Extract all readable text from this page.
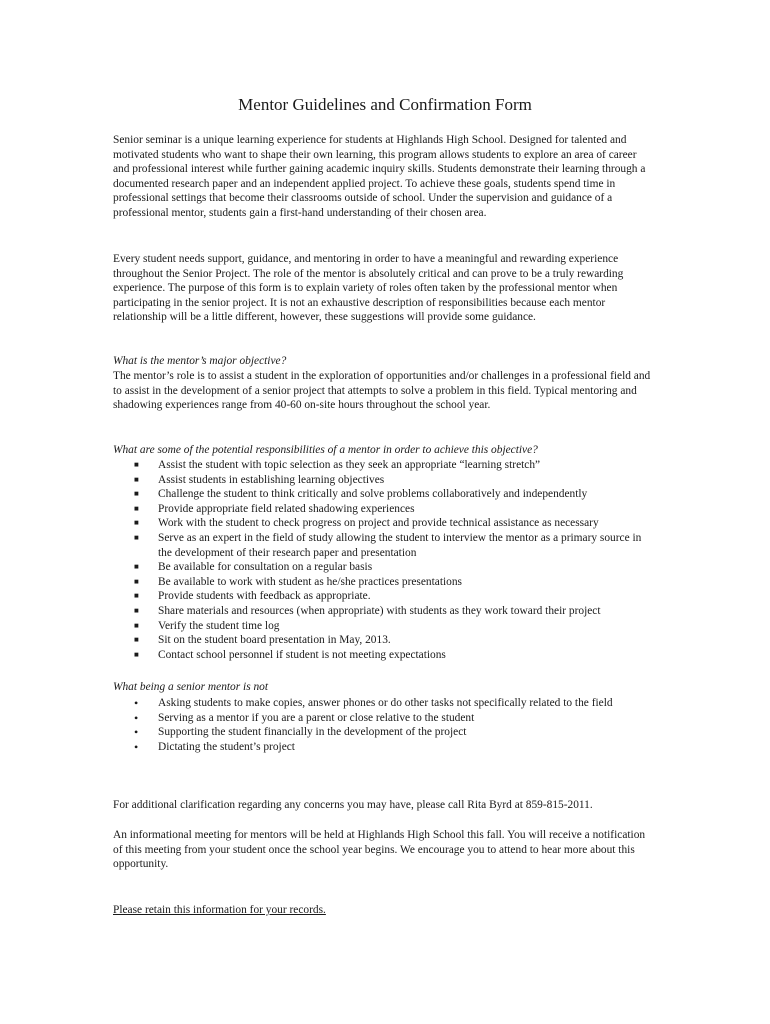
Mentor Guidelines and Confirmation Form

Senior seminar is a unique learning experience for students at Highlands High School. Designed for talented and motivated students who want to shape their own learning, this program allows students to explore an area of career and professional interest while further gaining academic inquiry skills. Students demonstrate their learning through a documented research paper and an independent applied project. To achieve these goals, students spend time in professional settings that become their classrooms outside of school. Under the supervision and guidance of a professional mentor, students gain a first-hand understanding of their chosen area.

Every student needs support, guidance, and mentoring in order to have a meaningful and rewarding experience throughout the Senior Project. The role of the mentor is absolutely critical and can prove to be a truly rewarding experience. The purpose of this form is to explain variety of roles often taken by the professional mentor when participating in the senior project. It is not an exhaustive description of responsibilities because each mentor relationship will be a little different, however, these suggestions will provide some guidance.

What is the mentor’s major objective?

The mentor’s role is to assist a student in the exploration of opportunities and/or challenges in a professional field and to assist in the development of a senior project that attempts to solve a problem in this field. Typical mentoring and shadowing experiences range from 40-60 on-site hours throughout the school year.

What are some of the potential responsibilities of a mentor in order to achieve this objective?

■	Assist the student with topic selection as they seek an appropriate “learning stretch”
■	Assist students in establishing learning objectives
■	Challenge the student to think critically and solve problems collaboratively and independently
■	Provide appropriate field related shadowing experiences
■	Work with the student to check progress on project and provide technical assistance as necessary
■	Serve as an expert in the field of study allowing the student to interview the mentor as a primary source in the development of their research paper and presentation
■	Be available for consultation on a regular basis
■	Be available to work with student as he/she practices presentations
■	Provide students with feedback as appropriate.
■	Share materials and resources (when appropriate) with students as they work toward their project
■	Verify the student time log
■	Sit on the student board presentation in May, 2013.
■	Contact school personnel if student is not meeting expectations

What being a senior mentor is not

•	Asking students to make copies, answer phones or do other tasks not specifically related to the field
•	Serving as a mentor if you are a parent or close relative to the student
•	Supporting the student financially in the development of the project
•	Dictating the student’s project

For additional clarification regarding any concerns you may have, please call Rita Byrd at 859-815-2011.

An informational meeting for mentors will be held at Highlands High School this fall. You will receive a notification of this meeting from your student once the school year begins. We encourage you to attend to hear more about this opportunity.

Please retain this information for your records.
